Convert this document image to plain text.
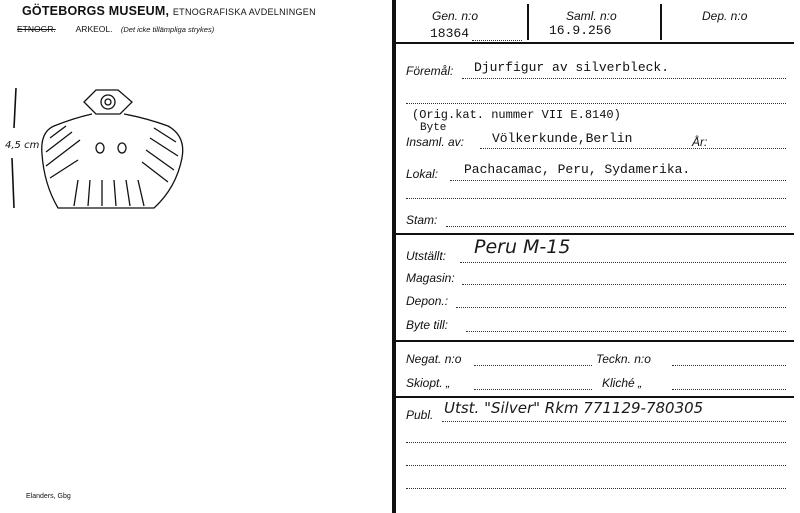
GÖTEBORGS MUSEUM, ETNOGRAFISKA AVDELNINGEN
ETNOGR. ARKEOL. (Det icke tillämpliga strykes)
4,5 cm
Elanders, Gbg
Gen. n:o	Saml. n:o	Dep. n:o
18364	16.9.256
Föremål: Djurfigur av silverbleck.
(Orig.kat. nummer VII E.8140)
Byte
Insaml. av: Völkerkunde,Berlin	År:
Lokal: Pachacamac, Peru, Sydamerika.
Stam:
Utställt: Peru M-15
Magasin:
Depon.:
Byte till:
Negat. n:o	Teckn. n:o
Skiopt. „	Kliché „
Publ. Utst. "Silver" Rkm 771129-780305
